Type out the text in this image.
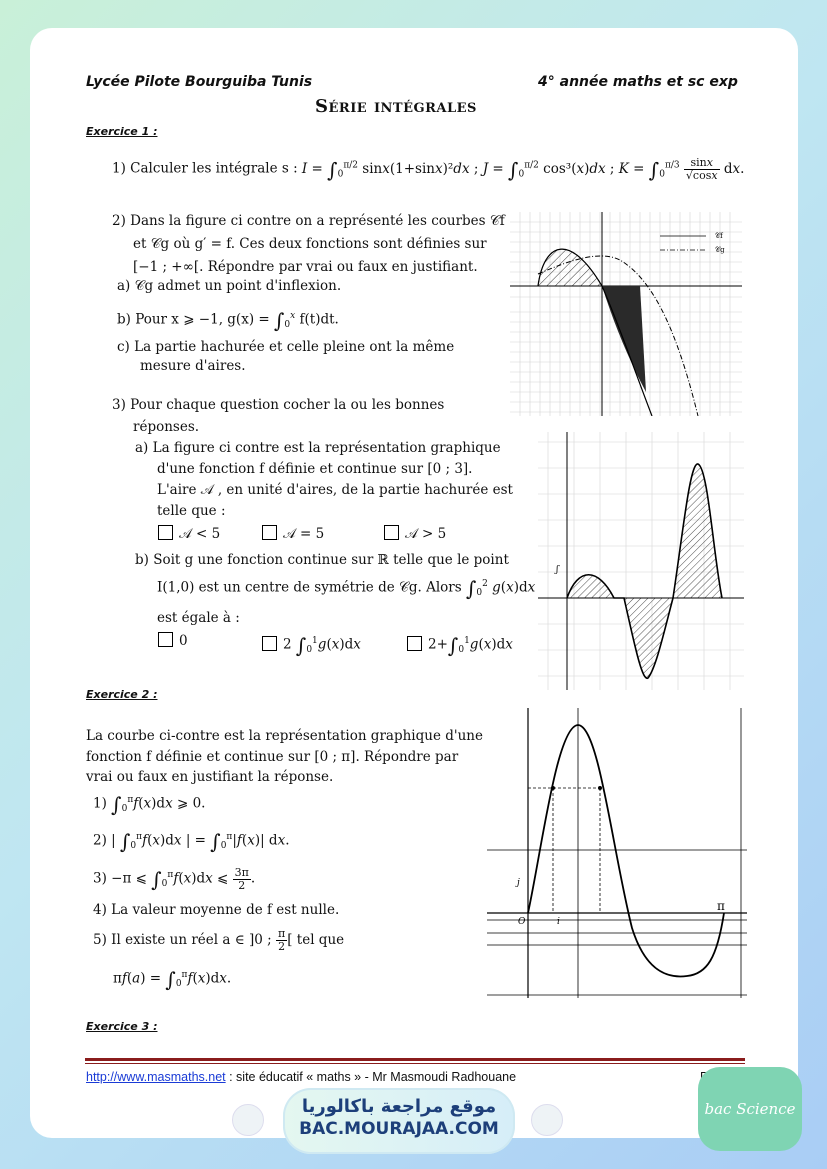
Lycée Pilote Bourguiba Tunis	4° année maths et sc exp
Série intégrales
Exercice 1 :
1) Calculer les intégrale s : $I = \int_0^{\pi/2}$ sinx(1+sinx)²dx ; $J = \int_0^{\pi/2}$ cos³(x)dx ; $K = \int_0^{\pi/3} \frac{\sin x}{√\cos x}$ dx.
2) Dans la figure ci contre on a représenté les courbes 𝒞f
et 𝒞g où g′ = f. Ces deux fonctions sont définies sur
[−1 ; +∞[. Répondre par vrai ou faux en justifiant.
a) 𝒞g admet un point d'inflexion.
b) Pour x ⩾ −1, $g(x) = \int_0^x$ f(t)dt.
c) La partie hachurée et celle pleine ont la même
mesure d'aires.
𝒞f
𝒞g
3) Pour chaque question cocher la ou les bonnes
réponses.
a) La figure ci contre est la représentation graphique
d'une fonction f définie et continue sur [0 ; 3].
L'aire 𝒜 , en unité d'aires, de la partie hachurée est
telle que :
𝒜 < 5	𝒜 = 5	𝒜 > 5
b) Soit g une fonction continue sur ℝ telle que le point
I(1,0) est un centre de symétrie de 𝒞g. Alors $\int_0^2$ g(x)dx
est égale à :
0	2 $\int_0^1g(x)dx$	$2+\int_0^1g(x)dx$
ʃ
Exercice 2 :
La courbe ci-contre est la représentation graphique d'une
fonction f définie et continue sur [0 ; π]. Répondre par
vrai ou faux en justifiant la réponse.
1) $\int_0^\pi f(x)dx$ ⩾ 0.
2) | $\int_0^\pi f(x)dx$ | = $\int_0^\pi|f(x)|$ dx.
3) −π ⩽ $\int_0^\pi f(x)dx$ ⩽ $\frac{3\pi}{2}$ .
4) La valeur moyenne de f est nulle.
5) Il existe un réel a ∈ ]0 ; $\frac{\pi}{2}$ [ tel que
$\pi f(a) = \int_0^\pi f(x)dx$.
O	i
j
π
Exercice 3 :
http://www.masmaths.net : site éducatif « maths » - Mr Masmoudi Radhouane
موقع مراجعة باكالوريا
BAC.MOURAJAA.COM
bac Science
